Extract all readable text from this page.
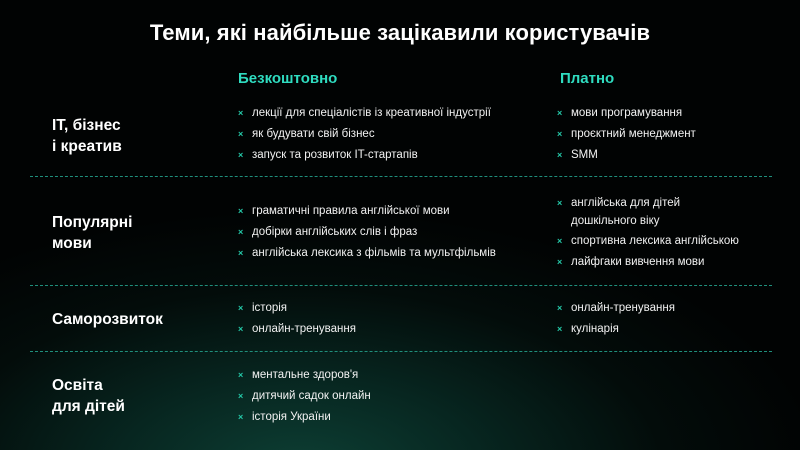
Теми, які найбільше зацікавили користувачів
Безкоштовно	Платно
IT, бізнес
і креатив
× лекції для спеціалістів із креативної індустрії
× як будувати свій бізнес
× запуск та розвиток IT-стартапів
× мови програмування
× проєктний менеджмент
× SMM
Популярні
мови
× граматичні правила англійської мови
× добірки англійських слів і фраз
× англійська лексика з фільмів та мультфільмів
× англійська для дітей
дошкільного віку
× спортивна лексика англійською
× лайфгаки вивчення мови
Саморозвиток
× історія
× онлайн-тренування
× онлайн-тренування
× кулінарія
Освіта
для дітей
× ментальне здоров'я
× дитячий садок онлайн
× історія України
